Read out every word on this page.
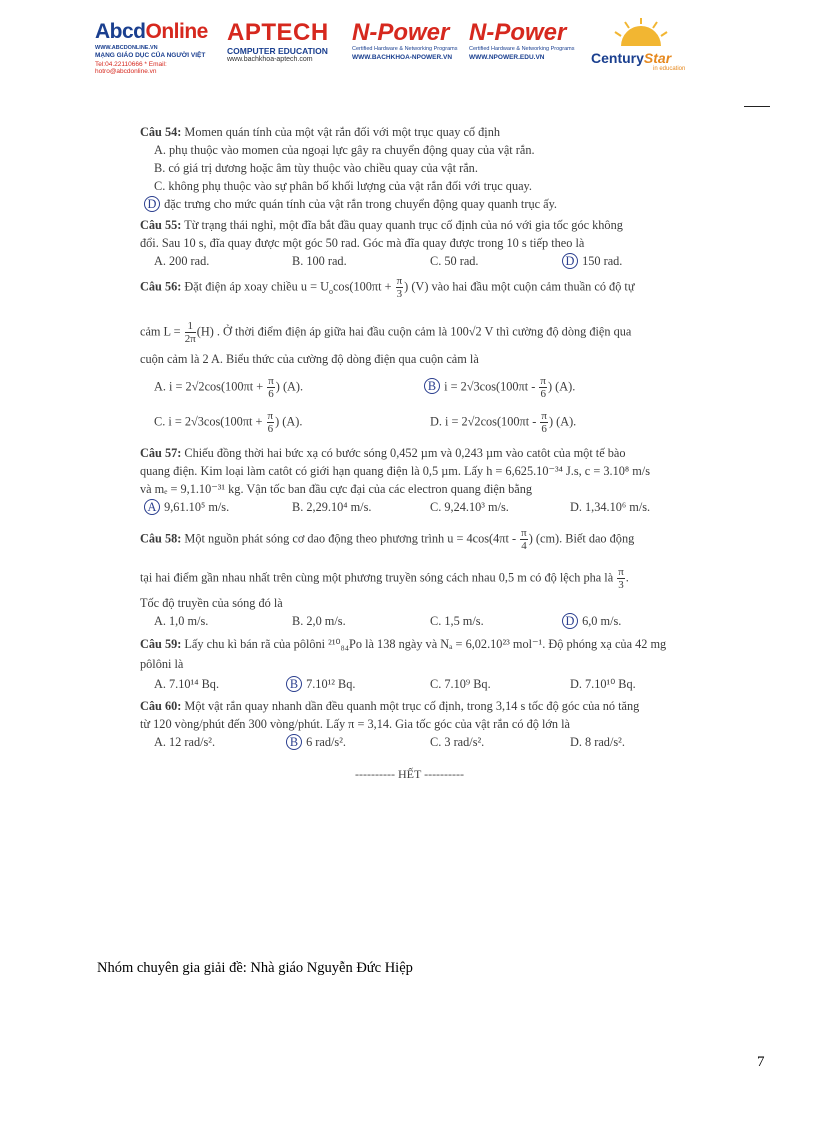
AbcdOnline
WWW.ABCDONLINE.VN
MẠNG GIÁO DỤC CỦA NGƯỜI VIỆT
Tel:04.22110666 * Email: hotro@abcdonline.vn
APTECH
COMPUTER EDUCATION
www.bachkhoa-aptech.com
N-Power
Certified Hardware & Networking Programs
WWW.BACHKHOA-NPOWER.VN
N-Power
Certified Hardware & Networking Programs
WWW.NPOWER.EDU.VN	CenturyStar
in education
Câu 54: Momen quán tính của một vật rắn đối với một trục quay cố định
A. phụ thuộc vào momen của ngoại lực gây ra chuyển động quay của vật rắn.
B. có giá trị dương hoặc âm tùy thuộc vào chiều quay của vật rắn.
C. không phụ thuộc vào sự phân bố khối lượng của vật rắn đối với trục quay.
D đặc trưng cho mức quán tính của vật rắn trong chuyển động quay quanh trục ấy.
Câu 55: Từ trạng thái nghỉ, một đĩa bắt đầu quay quanh trục cố định của nó với gia tốc góc không
đổi. Sau 10 s, đĩa quay được một góc 50 rad. Góc mà đĩa quay được trong 10 s tiếp theo là
A. 200 rad.	B. 100 rad.	C. 50 rad.	D 150 rad.
Câu 56: Đặt điện áp xoay chiều $u = U_o\cos(100\pi t + \frac{\pi}{3}$ ) (V) vào hai đầu một cuộn cảm thuần có độ tự
cảm $L = \frac{1}{2\pi} (H)$ . Ở thời điểm điện áp giữa hai đầu cuộn cảm là 100√2 V thì cường độ dòng điện qua
cuộn cảm là 2 A. Biểu thức của cường độ dòng điện qua cuộn cảm là
A. $i = 2√2\cos(100\pi t + \frac{\pi}{6}$ ) (A).	B $i = 2√3\cos(100\pi t - \frac{\pi}{6}$ ) (A).
C. $i = 2√3\cos(100\pi t + \frac{\pi}{6}$ ) (A).	D. $i = 2√2\cos(100\pi t - \frac{\pi}{6}$ ) (A).
Câu 57: Chiếu đồng thời hai bức xạ có bước sóng 0,452 µm và 0,243 µm vào catôt của một tế bào
quang điện. Kim loại làm catôt có giới hạn quang điện là 0,5 µm. Lấy h = 6,625.10⁻³⁴ J.s, c = 3.10⁸ m/s
và mₑ = 9,1.10⁻³¹ kg. Vận tốc ban đầu cực đại của các electron quang điện bằng
A 9,61.10⁵ m/s.	B. 2,29.10⁴ m/s.	C. 9,24.10³ m/s.	D. 1,34.10⁶ m/s.
Câu 58: Một nguồn phát sóng cơ dao động theo phương trình $u = 4\cos(4\pi t - \frac{\pi}{4}$ ) (cm). Biết dao động
tại hai điểm gần nhau nhất trên cùng một phương truyền sóng cách nhau 0,5 m có độ lệch pha là $\frac{\pi}{3}$ .
Tốc độ truyền của sóng đó là
A. 1,0 m/s.	B. 2,0 m/s.	C. 1,5 m/s.	D 6,0 m/s.
Câu 59: Lấy chu kì bán rã của pôlôni ²¹⁰₈₄Po là 138 ngày và Nₐ = 6,02.10²³ mol⁻¹. Độ phóng xạ của 42 mg
pôlôni là
A. 7.10¹⁴ Bq.	B 7.10¹² Bq.	C. 7.10⁹ Bq.	D. 7.10¹⁰ Bq.
Câu 60: Một vật rắn quay nhanh dần đều quanh một trục cố định, trong 3,14 s tốc độ góc của nó tăng
từ 120 vòng/phút đến 300 vòng/phút. Lấy π = 3,14. Gia tốc góc của vật rắn có độ lớn là
A. 12 rad/s².	B 6 rad/s².	C. 3 rad/s².	D. 8 rad/s².
---------- HẾT ----------
Nhóm chuyên gia giải đề: Nhà giáo Nguyễn Đức Hiệp
7
